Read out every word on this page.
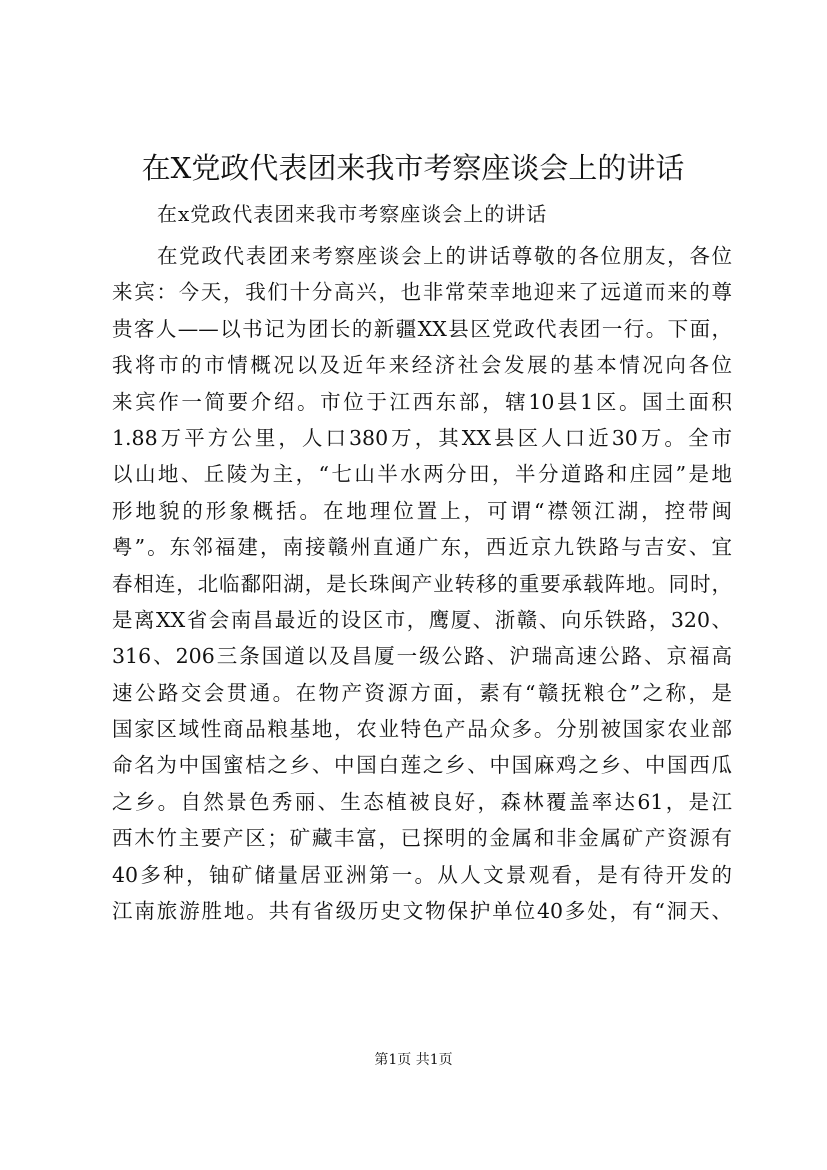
在X党政代表团来我市考察座谈会上的讲话

在x党政代表团来我市考察座谈会上的讲话

在党政代表团来考察座谈会上的讲话尊敬的各位朋友，各位
来宾：今天，我们十分高兴，也非常荣幸地迎来了远道而来的尊
贵客人——以书记为团长的新疆XX县区党政代表团一行。下面，
我将市的市情概况以及近年来经济社会发展的基本情况向各位
来宾作一简要介绍。市位于江西东部，辖10县1区。国土面积
1.88万平方公里，人口380万，其XX县区人口近30万。全市
以山地、丘陵为主，“七山半水两分田，半分道路和庄园”是地
形地貌的形象概括。在地理位置上，可谓“襟领江湖，控带闽
粤”。东邻福建，南接赣州直通广东，西近京九铁路与吉安、宜
春相连，北临鄱阳湖，是长珠闽产业转移的重要承载阵地。同时，
是离XX省会南昌最近的设区市，鹰厦、浙赣、向乐铁路，320、
316、206三条国道以及昌厦一级公路、沪瑞高速公路、京福高
速公路交会贯通。在物产资源方面，素有“赣抚粮仓”之称，是
国家区域性商品粮基地，农业特色产品众多。分别被国家农业部
命名为中国蜜桔之乡、中国白莲之乡、中国麻鸡之乡、中国西瓜
之乡。自然景色秀丽、生态植被良好，森林覆盖率达61，是江
西木竹主要产区；矿藏丰富，已探明的金属和非金属矿产资源有
40多种，铀矿储量居亚洲第一。从人文景观看，是有待开发的
江南旅游胜地。共有省级历史文物保护单位40多处，有“洞天、
第1页 共1页
